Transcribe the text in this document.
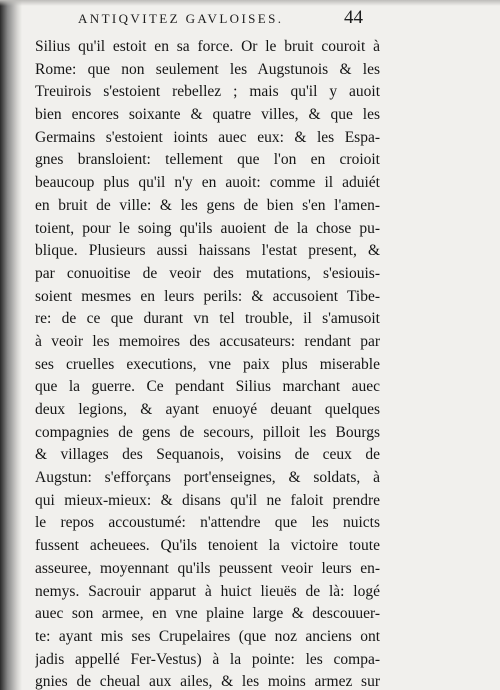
ANTIQVITEZ GAVLOISES.	44
Silius qu'il estoit en sa force. Or le bruit couroit à
Rome: que non seulement les Augstunois & les
Treuirois s'estoient rebellez ; mais qu'il y auoit
bien encores soixante & quatre villes, & que les
Germains s'estoient ioints auec eux: & les Espa-
gnes bransloient: tellement que l'on en croioit
beaucoup plus qu'il n'y en auoit: comme il aduiét
en bruit de ville: & les gens de bien s'en l'amen-
toient, pour le soing qu'ils auoient de la chose pu-
blique. Plusieurs aussi haissans l'estat present, &
par conuoitise de veoir des mutations, s'esiouis-
soient mesmes en leurs perils: & accusoient Tibe-
re: de ce que durant vn tel trouble, il s'amusoit
à veoir les memoires des accusateurs: rendant par
ses cruelles executions, vne paix plus miserable
que la guerre. Ce pendant Silius marchant auec
deux legions, & ayant enuoyé deuant quelques
compagnies de gens de secours, pilloit les Bourgs
& villages des Sequanois, voisins de ceux de
Augstun: s'efforçans port'enseignes, & soldats, à
qui mieux-mieux: & disans qu'il ne faloit prendre
le repos accoustumé: n'attendre que les nuicts
fussent acheuees. Qu'ils tenoient la victoire toute
asseuree, moyennant qu'ils peussent veoir leurs en-
nemys. Sacrouir apparut à huict lieuës de là: logé
auec son armee, en vne plaine large & descouuer-
te: ayant mis ses Crupelaires (que noz anciens ont
jadis appellé Fer-Vestus) à la pointe: les compa-
gnies de cheual aux ailes, & les moins armez sur
